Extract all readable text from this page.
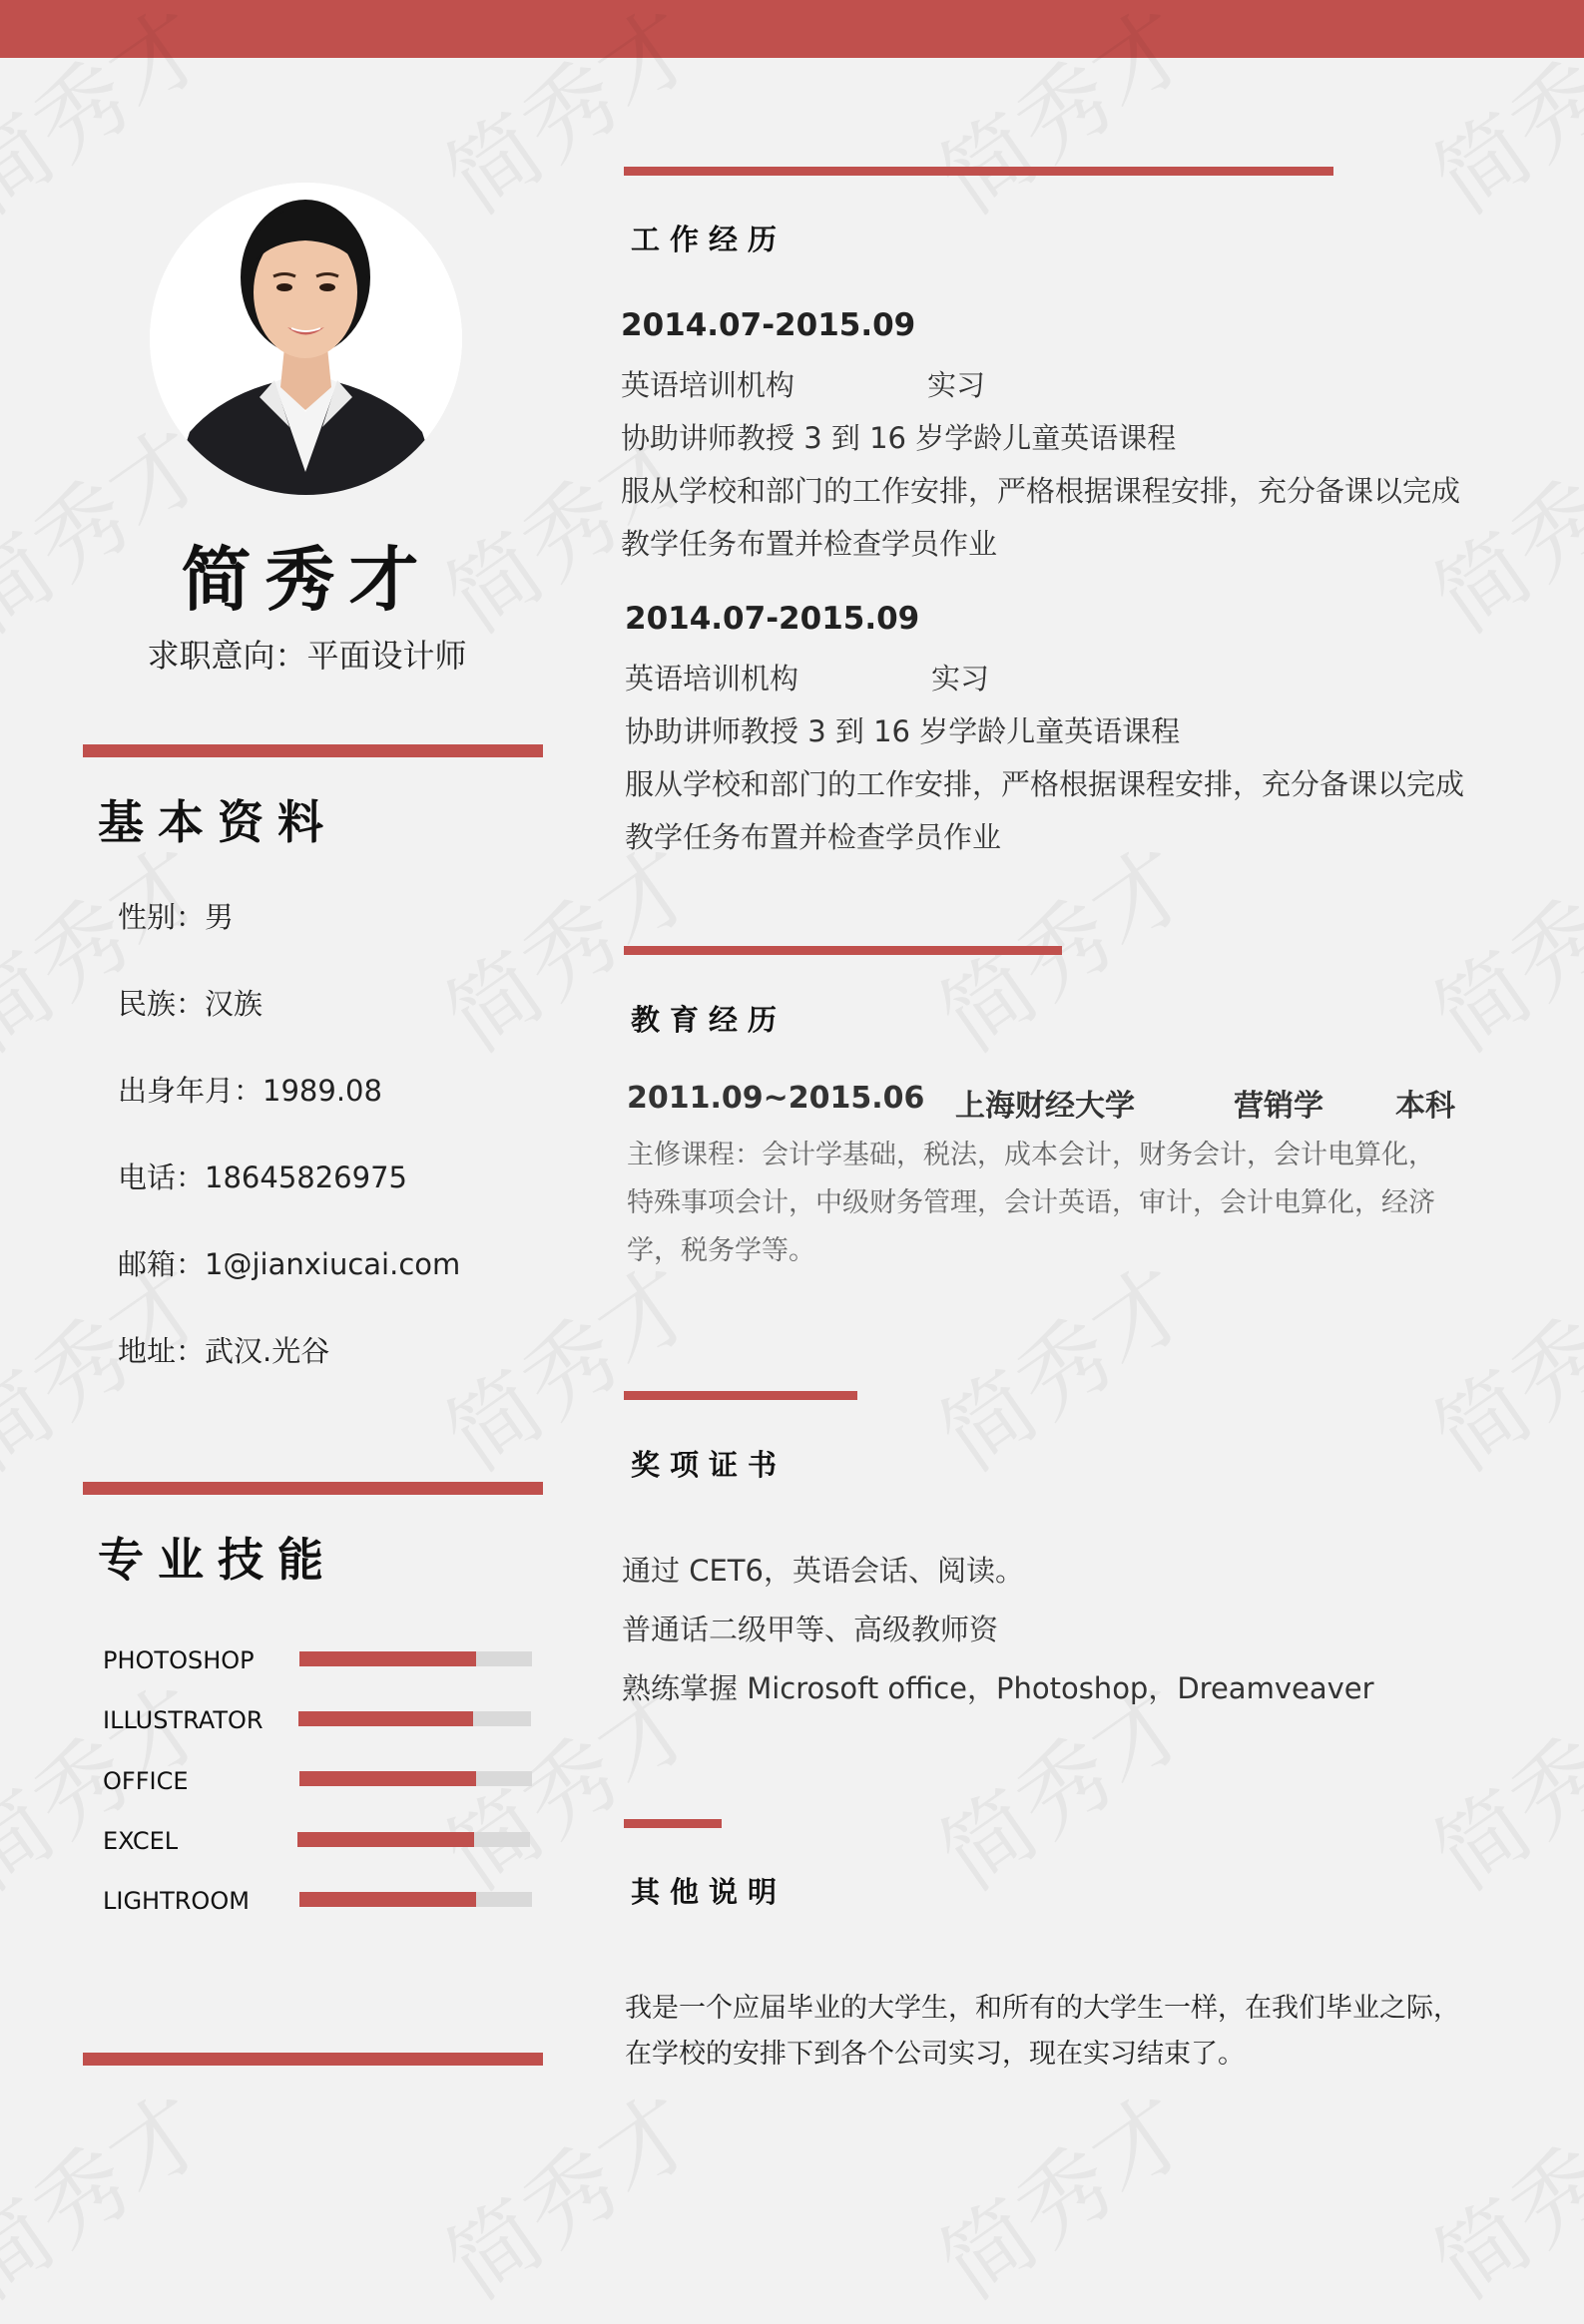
简秀才
求职意向：平面设计师
基本资料
性别：男
民族：汉族
出身年月：1989.08
电话：18645826975
邮箱：1@jianxiucai.com
地址：武汉.光谷
专业技能
PHOTOSHOP
ILLUSTRATOR
OFFICE
EXCEL
LIGHTROOM
工作经历
2014.07-2015.09
英语培训机构	实习
协助讲师教授 3 到 16 岁学龄儿童英语课程
服从学校和部门的工作安排，严格根据课程安排，充分备课以完成
教学任务布置并检查学员作业
2014.07-2015.09
英语培训机构	实习
协助讲师教授 3 到 16 岁学龄儿童英语课程
服从学校和部门的工作安排，严格根据课程安排，充分备课以完成
教学任务布置并检查学员作业
教育经历
2011.09~2015.06 上海财经大学	营销学 本科
主修课程：会计学基础，税法，成本会计，财务会计，会计电算化，
特殊事项会计，中级财务管理，会计英语，审计，会计电算化，经济
学，税务学等。
奖项证书
通过 CET6，英语会话、阅读。
普通话二级甲等、高级教师资
熟练掌握 Microsoft office，Photoshop，Dreamveaver
其他说明
我是一个应届毕业的大学生，和所有的大学生一样，在我们毕业之际，
在学校的安排下到各个公司实习，现在实习结束了。
